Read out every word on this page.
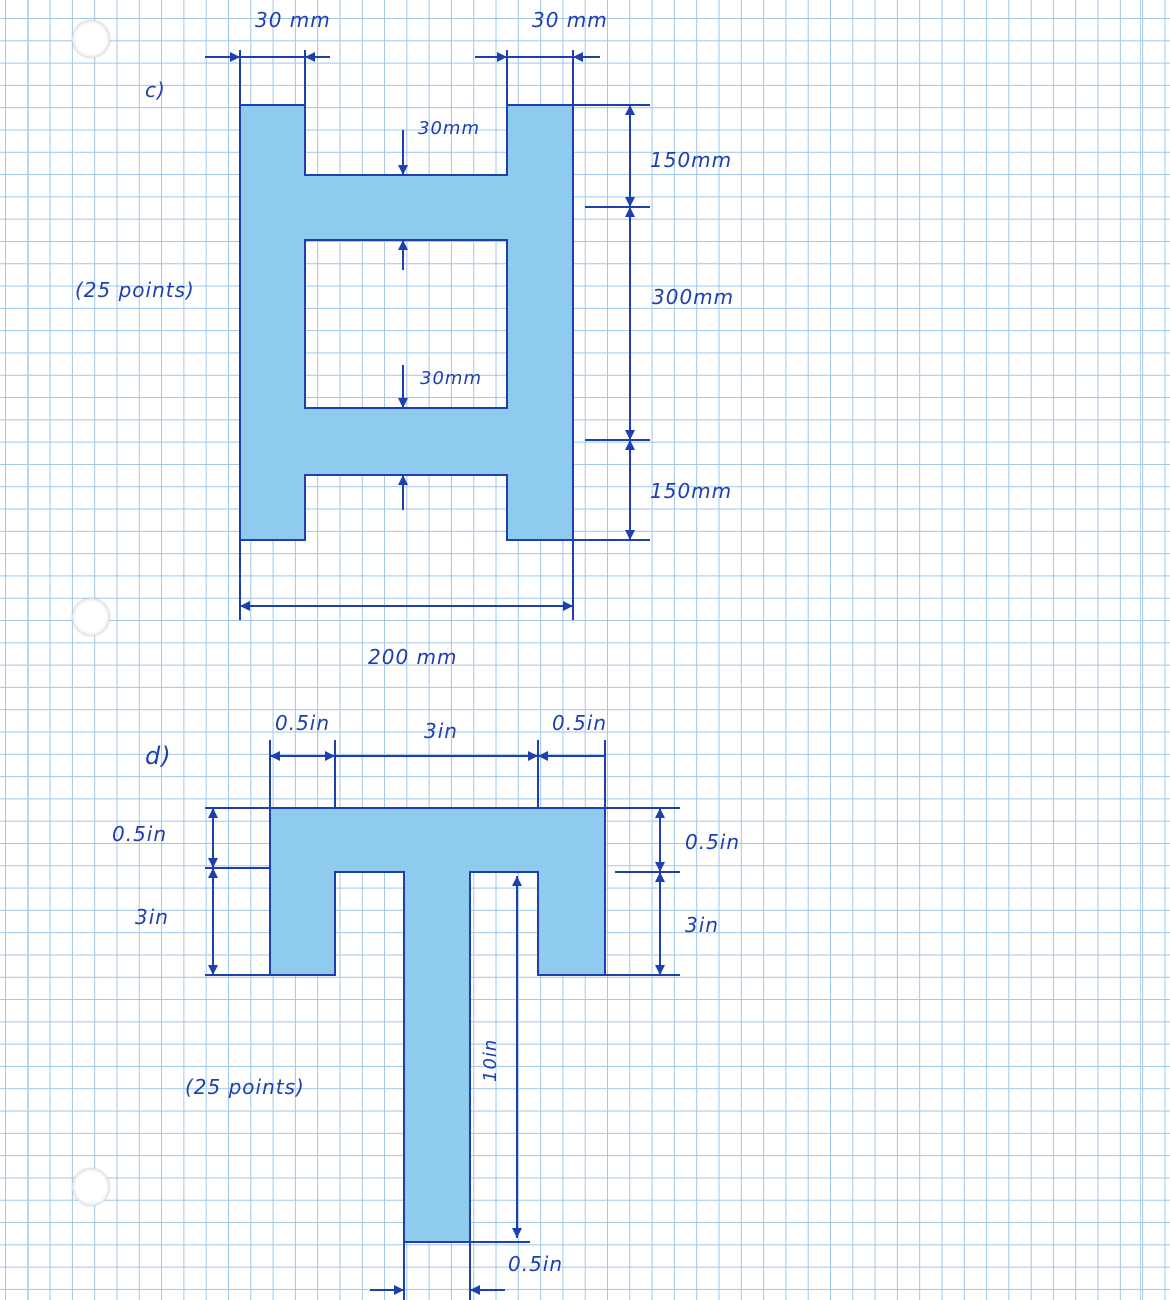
c)
(25 points)
30 mm	30 mm
30mm
30mm
150mm
300mm
150mm
200 mm
d)
(25 points)
0.5in	3in	0.5in
0.5in
3in
0.5in
3in
10in
0.5in
